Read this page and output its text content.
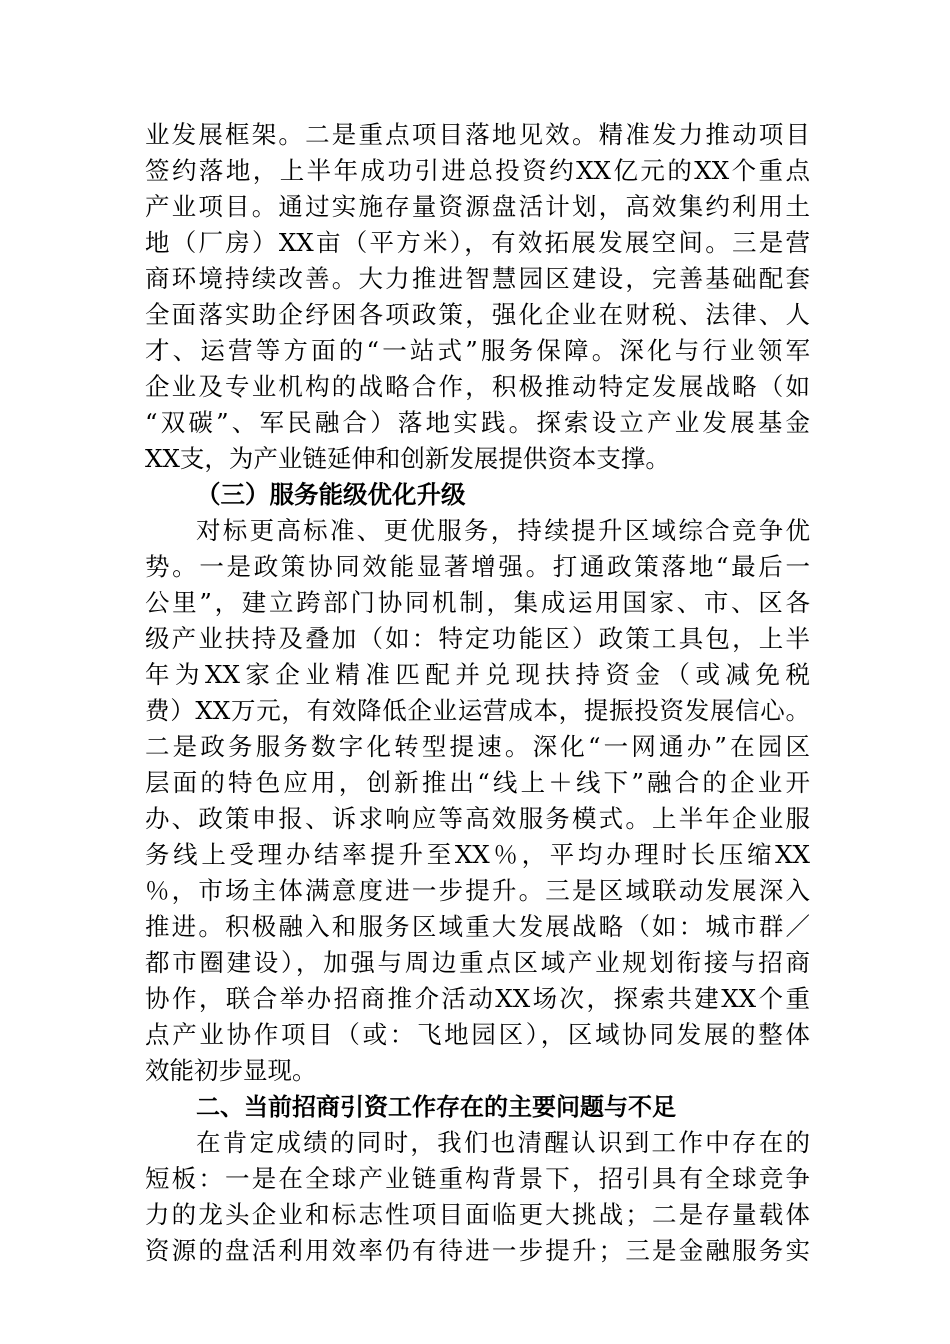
业发展框架。二是重点项目落地见效。精准发力推动项目
签约落地，上半年成功引进总投资约XX亿元的XX个重点
产业项目。通过实施存量资源盘活计划，高效集约利用土
地（厂房）XX亩（平方米），有效拓展发展空间。三是营
商环境持续改善。大力推进智慧园区建设，完善基础配套
全面落实助企纾困各项政策，强化企业在财税、法律、人
才、运营等方面的“一站式”服务保障。深化与行业领军
企业及专业机构的战略合作，积极推动特定发展战略（如
“双碳”、军民融合）落地实践。探索设立产业发展基金
XX支，为产业链延伸和创新发展提供资本支撑。
（三）服务能级优化升级
对标更高标准、更优服务，持续提升区域综合竞争优
势。一是政策协同效能显著增强。打通政策落地“最后一
公里”，建立跨部门协同机制，集成运用国家、市、区各
级产业扶持及叠加（如：特定功能区）政策工具包，上半
年为XX家企业精准匹配并兑现扶持资金（或减免税
费）XX万元，有效降低企业运营成本，提振投资发展信心。
二是政务服务数字化转型提速。深化“一网通办”在园区
层面的特色应用，创新推出“线上＋线下”融合的企业开
办、政策申报、诉求响应等高效服务模式。上半年企业服
务线上受理办结率提升至XX％，平均办理时长压缩XX
％，市场主体满意度进一步提升。三是区域联动发展深入
推进。积极融入和服务区域重大发展战略（如：城市群／
都市圈建设），加强与周边重点区域产业规划衔接与招商
协作，联合举办招商推介活动XX场次，探索共建XX个重
点产业协作项目（或：飞地园区），区域协同发展的整体
效能初步显现。
二、当前招商引资工作存在的主要问题与不足
在肯定成绩的同时，我们也清醒认识到工作中存在的
短板：一是在全球产业链重构背景下，招引具有全球竞争
力的龙头企业和标志性项目面临更大挑战；二是存量载体
资源的盘活利用效率仍有待进一步提升；三是金融服务实
